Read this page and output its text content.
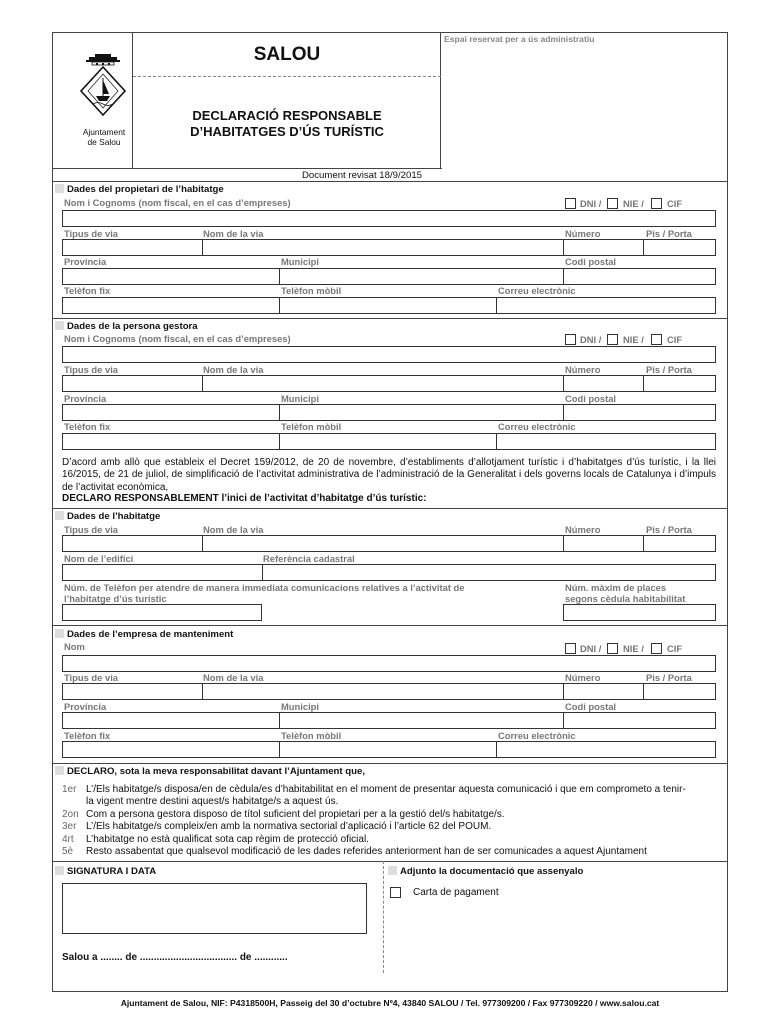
Espai reservat per a ús administratiu
SALOU
DECLARACIÓ RESPONSABLE
D’HABITATGES D’ÚS TURÍSTIC
Ajuntament
de Salou
Document revisat 18/9/2015
Dades del propietari de l’habitatge
Nom i Cognoms (nom fiscal, en el cas d’empreses)	DNI / NIE / CIF
Tipus de via	Nom de la via	Número	Pis / Porta
Província	Municipi	Codi postal
Telèfon fix	Telèfon mòbil	Correu electrònic
Dades de la persona gestora
Nom i Cognoms (nom fiscal, en el cas d’empreses)	DNI / NIE / CIF
Tipus de via	Nom de la via	Número	Pis / Porta
Província	Municipi	Codi postal
Telèfon fix	Telèfon mòbil	Correu electrònic
D’acord amb allò que estableix el Decret 159/2012, de 20 de novembre, d’establiments d’allotjament turístic i d’habitatges d’ús turístic, i la llei 16/2015, de 21 de juliol, de simplificació de l’activitat administrativa de l’administració de la Generalitat i dels governs locals de Catalunya i d’impuls de l’activitat econòmica,
DECLARO RESPONSABLEMENT l’inici de l’activitat d’habitatge d’ús turístic:
Dades de l’habitatge
Tipus de via	Nom de la via	Número	Pis / Porta
Nom de l’edifici	Referència cadastral
Núm. de Telèfon per atendre de manera immediata comunicacions relatives a l’activitat de
l’habitatge d’ús turístic
Núm. màxim de places
segons cèdula habitabilitat
Dades de l’empresa de manteniment
Nom	DNI / NIE / CIF
Tipus de via	Nom de la via	Número	Pis / Porta
Província	Municipi	Codi postal
Telèfon fix	Telèfon mòbil	Correu electrònic
DECLARO, sota la meva responsabilitat davant l’Ajuntament que,
1er L’/Els habitatge/s disposa/en de cèdula/es d’habitabilitat en el moment de presentar aquesta comunicació i que em comprometo a tenir-
la vigent mentre destini aquest/s habitatge/s a aquest ús.
2on Com a persona gestora disposo de títol suficient del propietari per a la gestió del/s habitatge/s.
3er L’/Els habitatge/s compleix/en amb la normativa sectorial d’aplicació i l’article 62 del POUM.
4rt L’habitatge no està qualificat sota cap règim de protecció oficial.
5è Resto assabentat que qualsevol modificació de les dades referides anteriorment han de ser comunicades a aquest Ajuntament
SIGNATURA I DATA
Salou a ........ de ................................... de ............
Adjunto la documentació que assenyalo
Carta de pagament
Ajuntament de Salou, NIF: P4318500H, Passeig del 30 d’octubre Nº4, 43840 SALOU / Tel. 977309200 / Fax 977309220 / www.salou.cat
